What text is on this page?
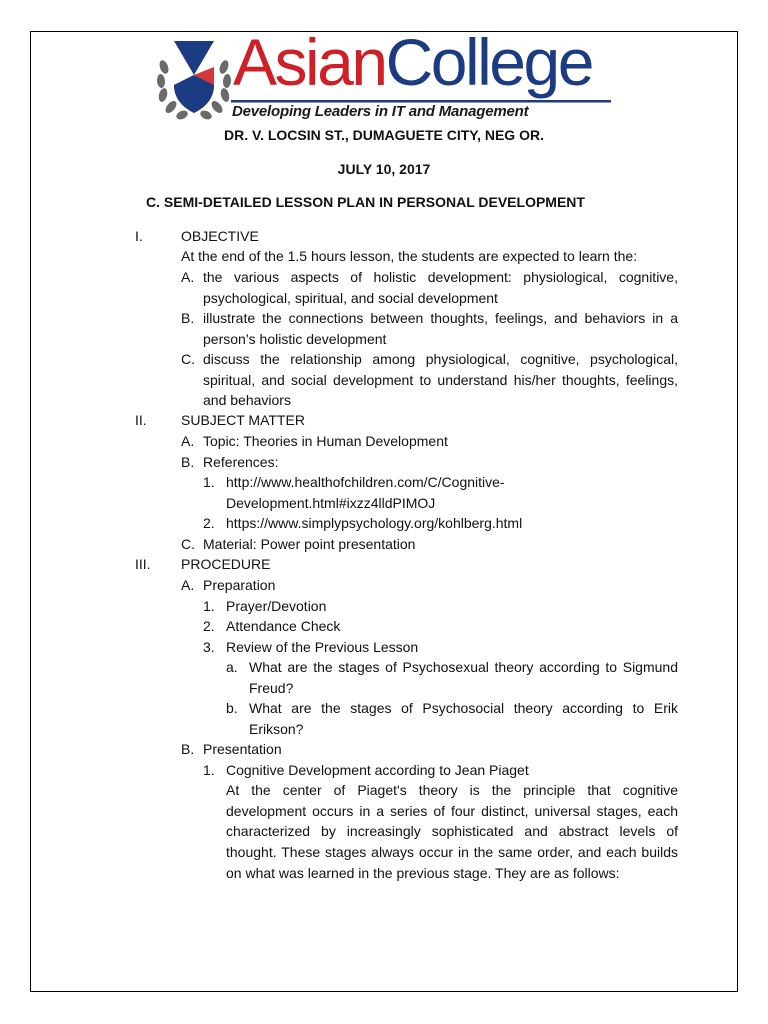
AsianCollege
Developing Leaders in IT and Management
DR. V. LOCSIN ST., DUMAGUETE CITY, NEG OR.
JULY 10, 2017
C. SEMI-DETAILED LESSON PLAN IN PERSONAL DEVELOPMENT
I.	OBJECTIVE
At the end of the 1.5 hours lesson, the students are expected to learn the:
A. the various aspects of holistic development: physiological, cognitive, psychological, spiritual, and social development
B. illustrate the connections between thoughts, feelings, and behaviors in a person’s holistic development
C. discuss the relationship among physiological, cognitive, psychological, spiritual, and social development to understand his/her thoughts, feelings, and behaviors
II. SUBJECT MATTER
A. Topic: Theories in Human Development
B. References:
1. http://www.healthofchildren.com/C/Cognitive-
Development.html#ixzz4lldPIMOJ
2. https://www.simplypsychology.org/kohlberg.html
C. Material: Power point presentation
III. PROCEDURE
A. Preparation
1. Prayer/Devotion
2. Attendance Check
3. Review of the Previous Lesson
a. What are the stages of Psychosexual theory according to Sigmund Freud?
b. What are the stages of Psychosocial theory according to Erik Erikson?
B. Presentation
1. Cognitive Development according to Jean Piaget
At the center of Piaget's theory is the principle that cognitive development occurs in a series of four distinct, universal stages, each characterized by increasingly sophisticated and abstract levels of thought. These stages always occur in the same order, and each builds on what was learned in the previous stage. They are as follows:
